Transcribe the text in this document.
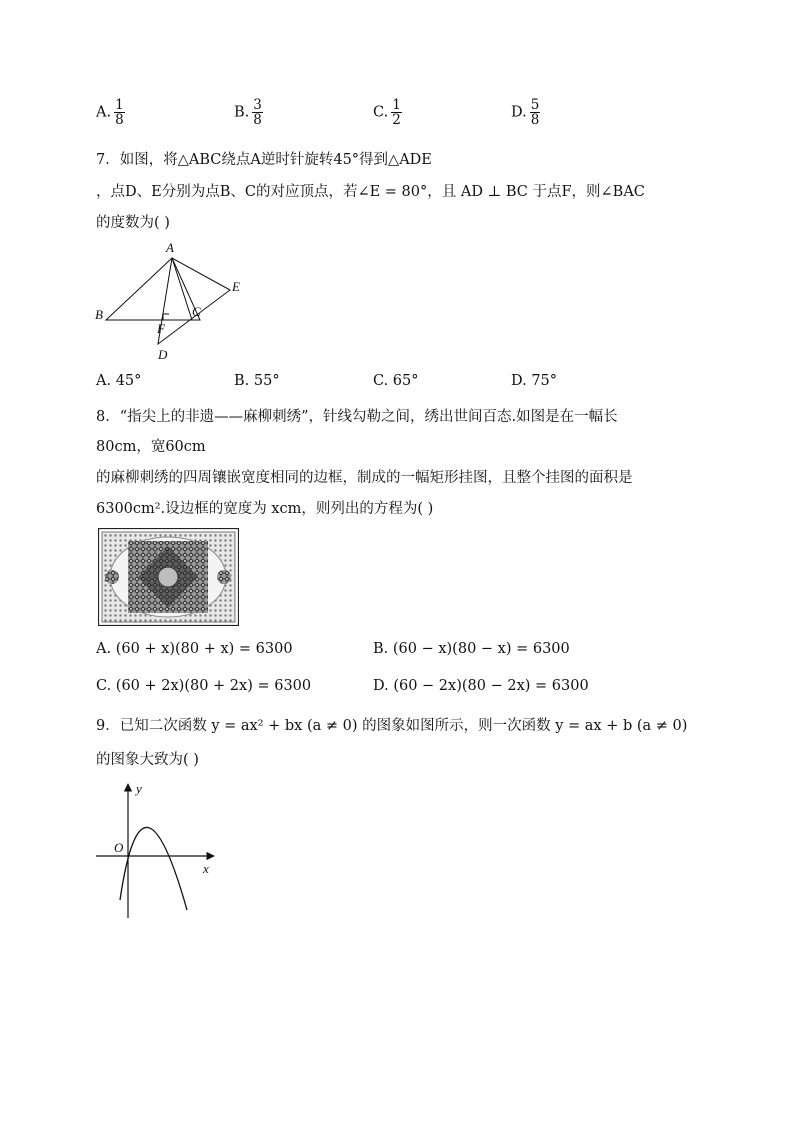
A. $\frac{1}{8}$	B. $\frac{3}{8}$	C. $\frac{1}{2}$	D. $\frac{5}{8}$
7．如图，将△ABC绕点A逆时针旋转45°得到△ADE
，点D、E分别为点B、C的对应顶点，若∠E = 80°，且 AD ⊥ BC 于点F，则∠BAC
的度数为( )
A
B	C
D
E
F
A. 45°	B. 55°	C. 65°	D. 75°
8．“指尖上的非遗——麻柳刺绣”，针线勾勒之间，绣出世间百态.如图是在一幅长
80cm，宽60cm
的麻柳刺绣的四周镶嵌宽度相同的边框，制成的一幅矩形挂图，且整个挂图的面积是
6300cm².设边框的宽度为 xcm，则列出的方程为( )
A. (60 + x)(80 + x) = 6300	B. (60 − x)(80 − x) = 6300
C. (60 + 2x)(80 + 2x) = 6300	D. (60 − 2x)(80 − 2x) = 6300
9．已知二次函数 y = ax² + bx (a ≠ 0) 的图象如图所示，则一次函数 y = ax + b (a ≠ 0)
的图象大致为( )
y
x
O
